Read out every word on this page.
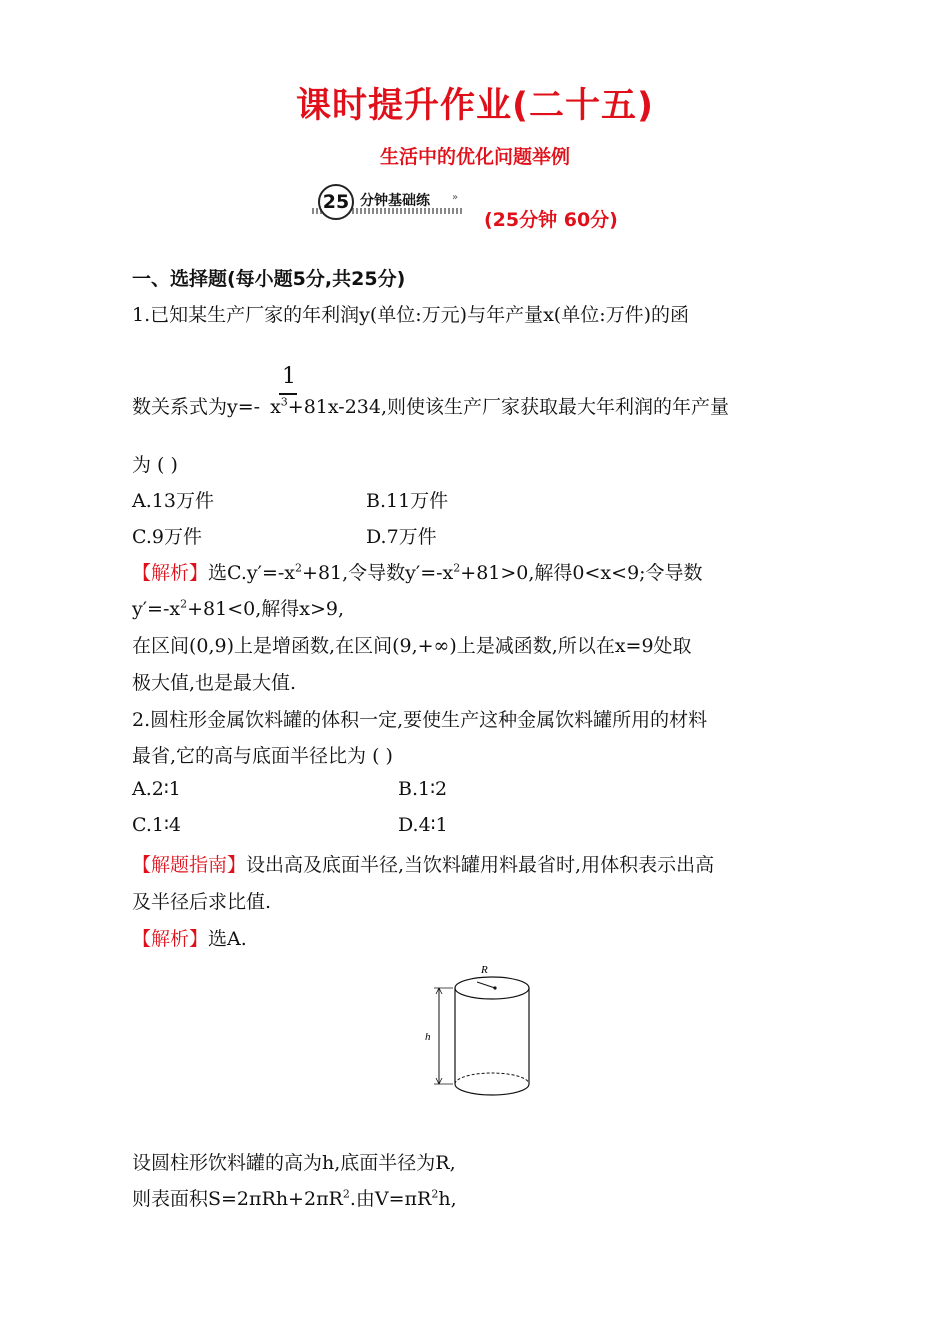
课时提升作业(二十五)
生活中的优化问题举例
25 分钟基础练 »
(25分钟 60分)
一、选择题(每小题5分,共25分)
1.已知某生产厂家的年利润y(单位:万元)与年产量x(单位:万件)的函
1
数关系式为y=- $x^3+81x-234$,则使该生产厂家获取最大年利润的年产量
为 ( )
A.13万件	B.11万件
C.9万件	D.7万件
【解析】选$C.y'=-x^2+81$,令导数$y'=-x^2+81>0$,解得0<x<9;令导数
$y'=-x^2+81<0$,解得x>9,
在区间(0,9)上是增函数,在区间(9,+∞)上是减函数,所以在x=9处取
极大值,也是最大值.
2.圆柱形金属饮料罐的体积一定,要使生产这种金属饮料罐所用的材料
最省,它的高与底面半径比为 ( )
A.2∶1	B.1∶2
C.1∶4	D.4∶1
【解题指南】设出高及底面半径,当饮料罐用料最省时,用体积表示出高
及半径后求比值.
【解析】选A.
R
h
设圆柱形饮料罐的高为h,底面半径为R,
则表面积$S=2\pi Rh+2\pi R^2$.由$V=\pi R^2h$,
